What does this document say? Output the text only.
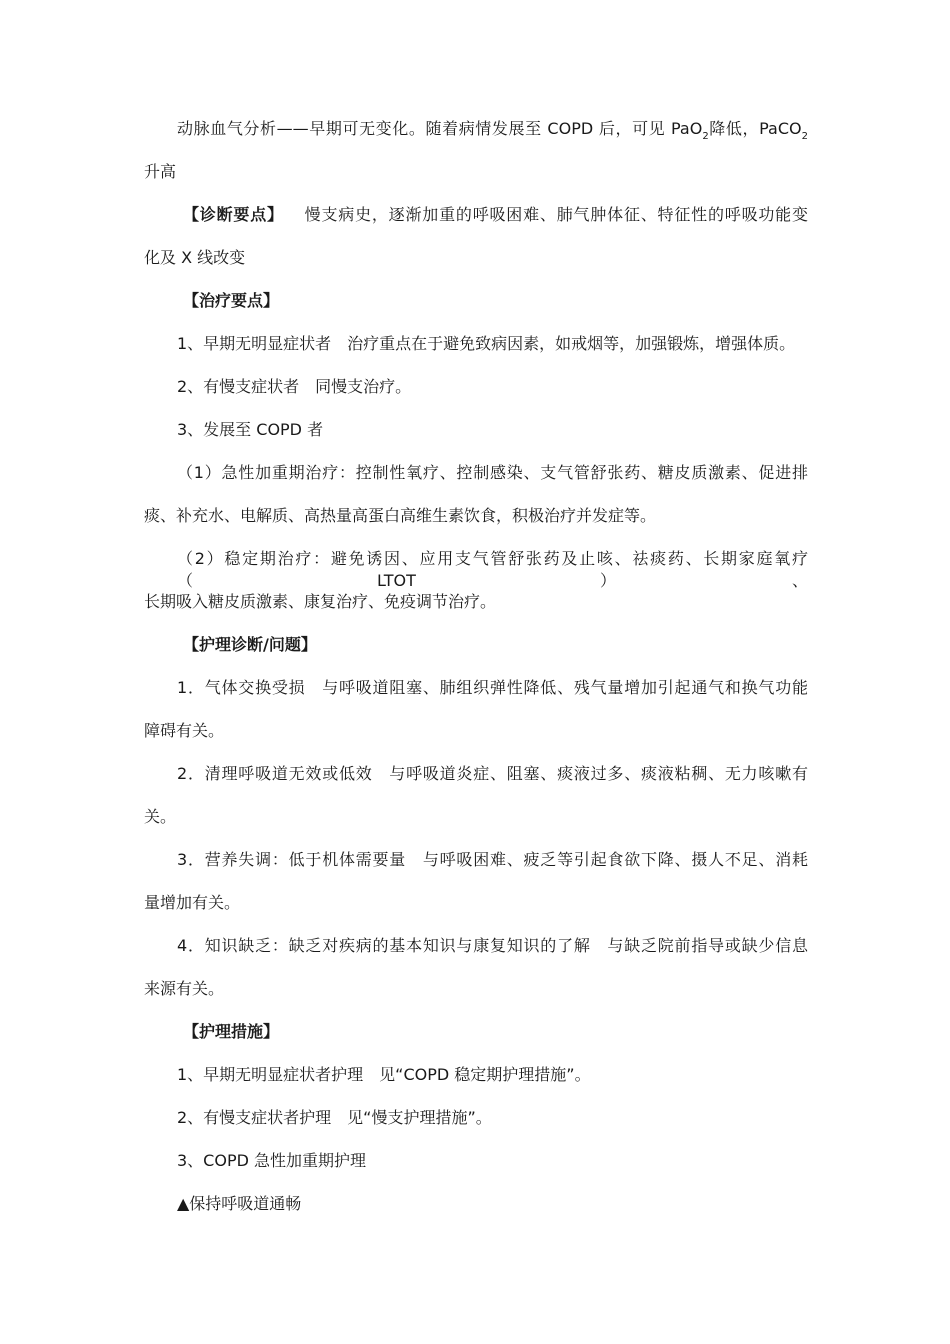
动脉血气分析——早期可无变化。随着病情发展至 COPD 后，可见 PaO$_2$降低，PaCO$_2$
升高
【诊断要点】 慢支病史，逐渐加重的呼吸困难、肺气肿体征、特征性的呼吸功能变
化及 X 线改变
【治疗要点】
1、早期无明显症状者　治疗重点在于避免致病因素，如戒烟等，加强锻炼，增强体质。
2、有慢支症状者　同慢支治疗。
3、发展至 COPD 者
（1）急性加重期治疗：控制性氧疗、控制感染、支气管舒张药、糖皮质激素、促进排
痰、补充水、电解质、高热量高蛋白高维生素饮食，积极治疗并发症等。
（2）稳定期治疗：避免诱因、应用支气管舒张药及止咳、祛痰药、长期家庭氧疗（LTOT）、
长期吸入糖皮质激素、康复治疗、免疫调节治疗。
【护理诊断/问题】
1．气体交换受损　与呼吸道阻塞、肺组织弹性降低、残气量增加引起通气和换气功能
障碍有关。
2．清理呼吸道无效或低效　与呼吸道炎症、阻塞、痰液过多、痰液粘稠、无力咳嗽有
关。
3．营养失调：低于机体需要量　与呼吸困难、疲乏等引起食欲下降、摄人不足、消耗
量增加有关。
4．知识缺乏：缺乏对疾病的基本知识与康复知识的了解　与缺乏院前指导或缺少信息
来源有关。
【护理措施】
1、早期无明显症状者护理　见“COPD 稳定期护理措施”。
2、有慢支症状者护理　见“慢支护理措施”。
3、COPD 急性加重期护理
▲保持呼吸道通畅
